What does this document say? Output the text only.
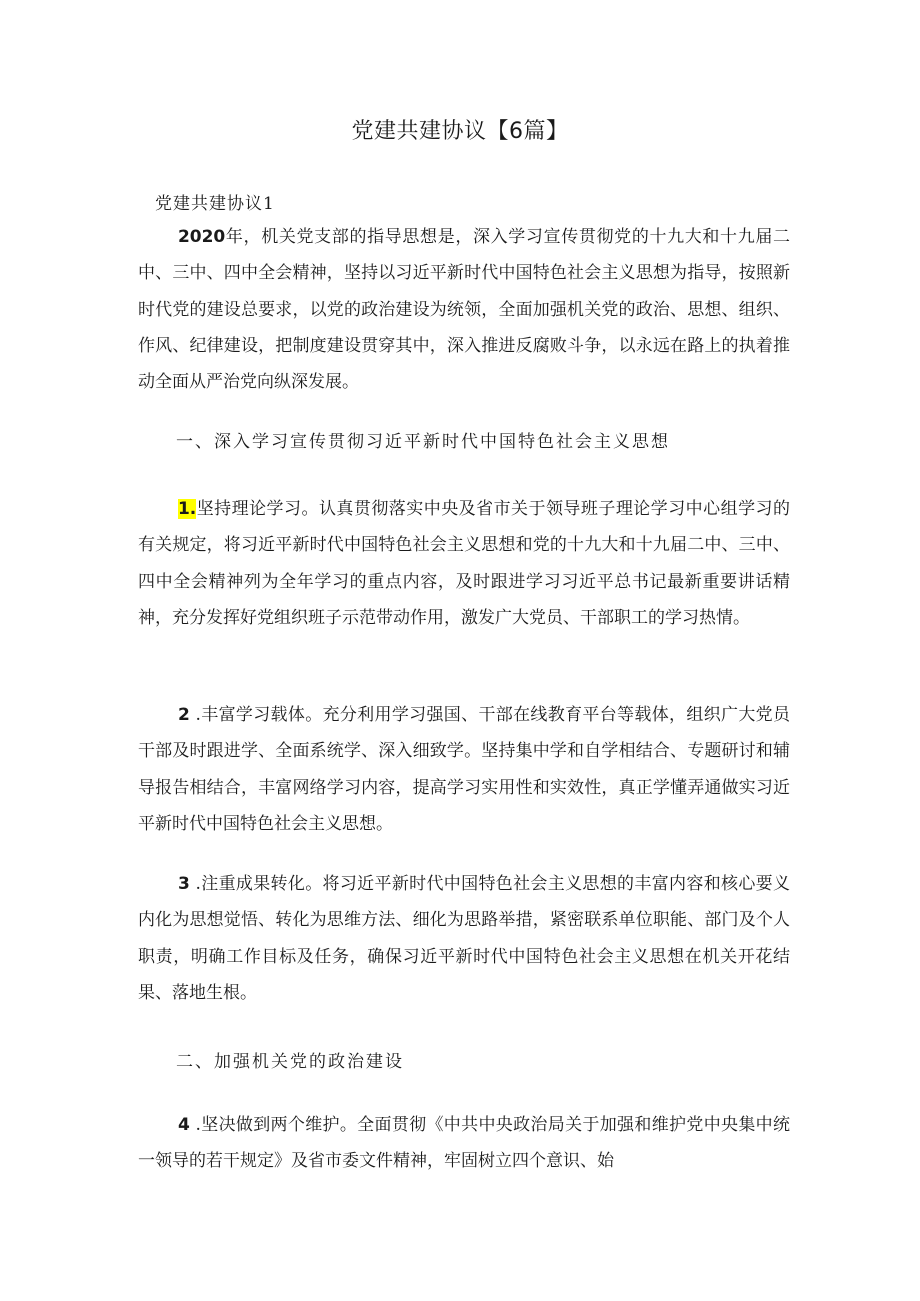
党建共建协议【6篇】
党建共建协议1

2020年，机关党支部的指导思想是，深入学习宣传贯彻党的十九大和十九届二中、三中、四中全会精神，坚持以习近平新时代中国特色社会主义思想为指导，按照新时代党的建设总要求，以党的政治建设为统领，全面加强机关党的政治、思想、组织、作风、纪律建设，把制度建设贯穿其中，深入推进反腐败斗争，以永远在路上的执着推动全面从严治党向纵深发展。

一、深入学习宣传贯彻习近平新时代中国特色社会主义思想

1.坚持理论学习。认真贯彻落实中央及省市关于领导班子理论学习中心组学习的有关规定，将习近平新时代中国特色社会主义思想和党的十九大和十九届二中、三中、四中全会精神列为全年学习的重点内容，及时跟进学习习近平总书记最新重要讲话精神，充分发挥好党组织班子示范带动作用，激发广大党员、干部职工的学习热情。

2 .丰富学习载体。充分利用学习强国、干部在线教育平台等载体，组织广大党员干部及时跟进学、全面系统学、深入细致学。坚持集中学和自学相结合、专题研讨和辅导报告相结合，丰富网络学习内容，提高学习实用性和实效性，真正学懂弄通做实习近平新时代中国特色社会主义思想。

3 .注重成果转化。将习近平新时代中国特色社会主义思想的丰富内容和核心要义内化为思想觉悟、转化为思维方法、细化为思路举措，紧密联系单位职能、部门及个人职责，明确工作目标及任务，确保习近平新时代中国特色社会主义思想在机关开花结果、落地生根。

二、加强机关党的政治建设

4 .坚决做到两个维护。全面贯彻《中共中央政治局关于加强和维护党中央集中统一领导的若干规定》及省市委文件精神，牢固树立四个意识、始
